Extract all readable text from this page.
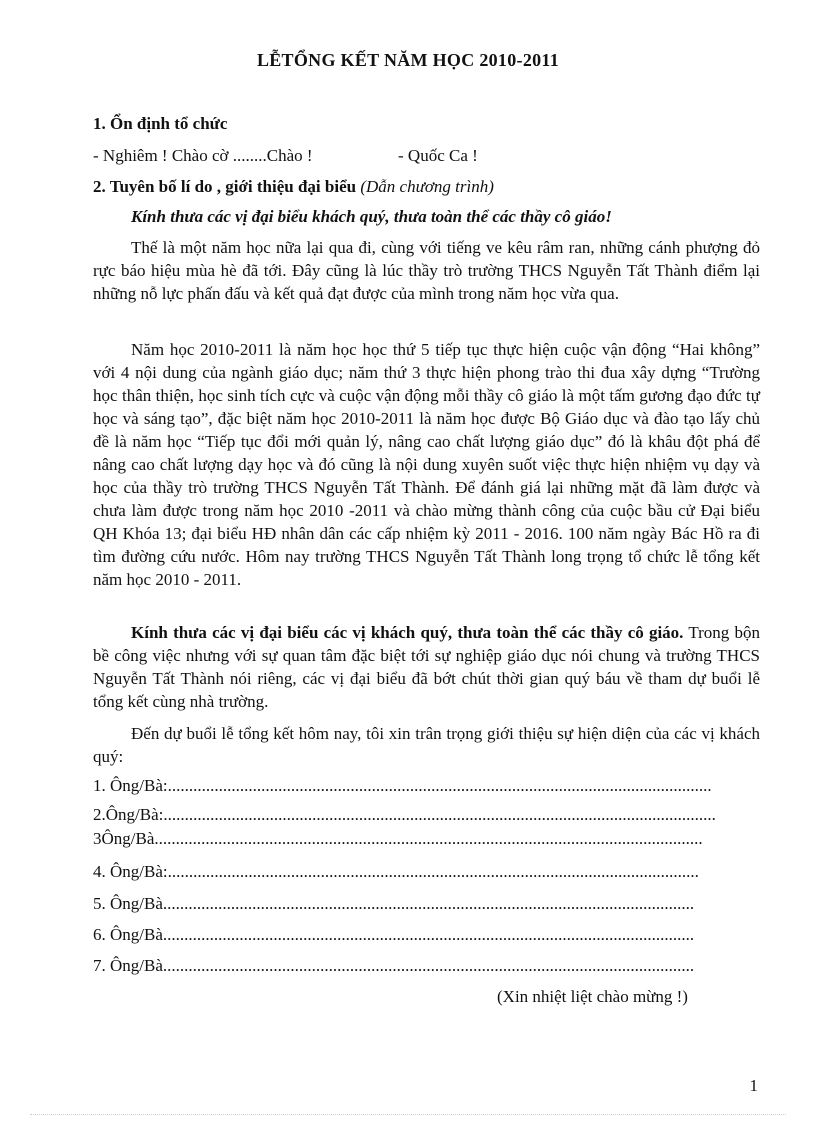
LỄTỔNG KẾT NĂM HỌC 2010-2011
1. Ổn định tổ chức
- Nghiêm ! Chào cờ ........Chào !	- Quốc Ca !
2. Tuyên bố lí do , giới thiệu đại biểu (Dẫn chương trình)
Kính thưa các vị đại biểu khách quý, thưa toàn thể các thầy cô giáo!
Thế là một năm học nữa lại qua đi, cùng với tiếng ve kêu râm ran, những cánh phượng đỏ rực báo hiệu mùa hè đã tới. Đây cũng là lúc thầy trò trường THCS Nguyễn Tất Thành điểm lại những nỗ lực phấn đấu và kết quả đạt được của mình trong năm học vừa qua.
Năm học 2010-2011 là năm học học thứ 5 tiếp tục thực hiện cuộc vận động “Hai không” với 4 nội dung của ngành giáo dục; năm thứ 3 thực hiện phong trào thi đua xây dựng “Trường học thân thiện, học sinh tích cực và cuộc vận động mỗi thầy cô giáo là một tấm gương đạo đức tự học và sáng tạo”, đặc biệt năm học 2010-2011 là năm học được Bộ Giáo dục và đào tạo lấy chủ đề là năm học “Tiếp tục đổi mới quản lý, nâng cao chất lượng giáo dục” đó là khâu đột phá để nâng cao chất lượng dạy học và đó cũng là nội dung xuyên suốt việc thực hiện nhiệm vụ dạy và học của thầy trò trường THCS Nguyễn Tất Thành. Để đánh giá lại những mặt đã làm được và chưa làm được trong năm học 2010 -2011 và chào mừng thành công của cuộc bầu cử Đại biểu QH Khóa 13; đại biểu HĐ nhân dân các cấp nhiệm kỳ 2011 - 2016. 100 năm ngày Bác Hồ ra đi tìm đường cứu nước. Hôm nay trường THCS Nguyễn Tất Thành long trọng tổ chức lễ tổng kết năm học 2010 - 2011.
Kính thưa các vị đại biểu các vị khách quý, thưa toàn thể các thầy cô giáo. Trong bộn bề công việc nhưng với sự quan tâm đặc biệt tới sự nghiệp giáo dục nói chung và trường THCS Nguyễn Tất Thành nói riêng, các vị đại biểu đã bớt chút thời gian quý báu về tham dự buổi lễ tổng kết cùng nhà trường.
Đến dự buổi lễ tổng kết hôm nay, tôi xin trân trọng giới thiệu sự hiện diện của các vị khách quý:
1. Ông/Bà:................................................................................................................................
2.Ông/Bà:..................................................................................................................................
3Ông/Bà.................................................................................................................................
4. Ông/Bà:.............................................................................................................................
5. Ông/Bà.............................................................................................................................
6. Ông/Bà.............................................................................................................................
7. Ông/Bà.............................................................................................................................
(Xin nhiệt liệt chào mừng !)
1
